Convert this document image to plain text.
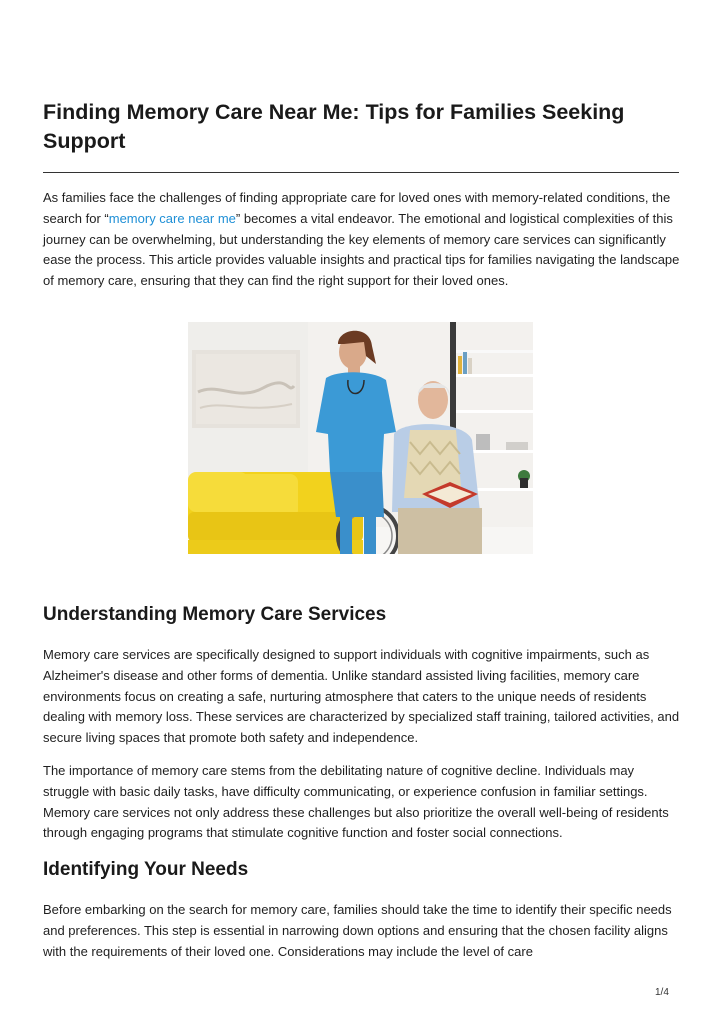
Finding Memory Care Near Me: Tips for Families Seeking Support

As families face the challenges of finding appropriate care for loved ones with memory-related conditions, the search for “memory care near me” becomes a vital endeavor. The emotional and logistical complexities of this journey can be overwhelming, but understanding the key elements of memory care services can significantly ease the process. This article provides valuable insights and practical tips for families navigating the landscape of memory care, ensuring that they can find the right support for their loved ones.

Understanding Memory Care Services

Memory care services are specifically designed to support individuals with cognitive impairments, such as Alzheimer's disease and other forms of dementia. Unlike standard assisted living facilities, memory care environments focus on creating a safe, nurturing atmosphere that caters to the unique needs of residents dealing with memory loss. These services are characterized by specialized staff training, tailored activities, and secure living spaces that promote both safety and independence.

The importance of memory care stems from the debilitating nature of cognitive decline. Individuals may struggle with basic daily tasks, have difficulty communicating, or experience confusion in familiar settings. Memory care services not only address these challenges but also prioritize the overall well-being of residents through engaging programs that stimulate cognitive function and foster social connections.

Identifying Your Needs

Before embarking on the search for memory care, families should take the time to identify their specific needs and preferences. This step is essential in narrowing down options and ensuring that the chosen facility aligns with the requirements of their loved one. Considerations may include the level of care

1/4
